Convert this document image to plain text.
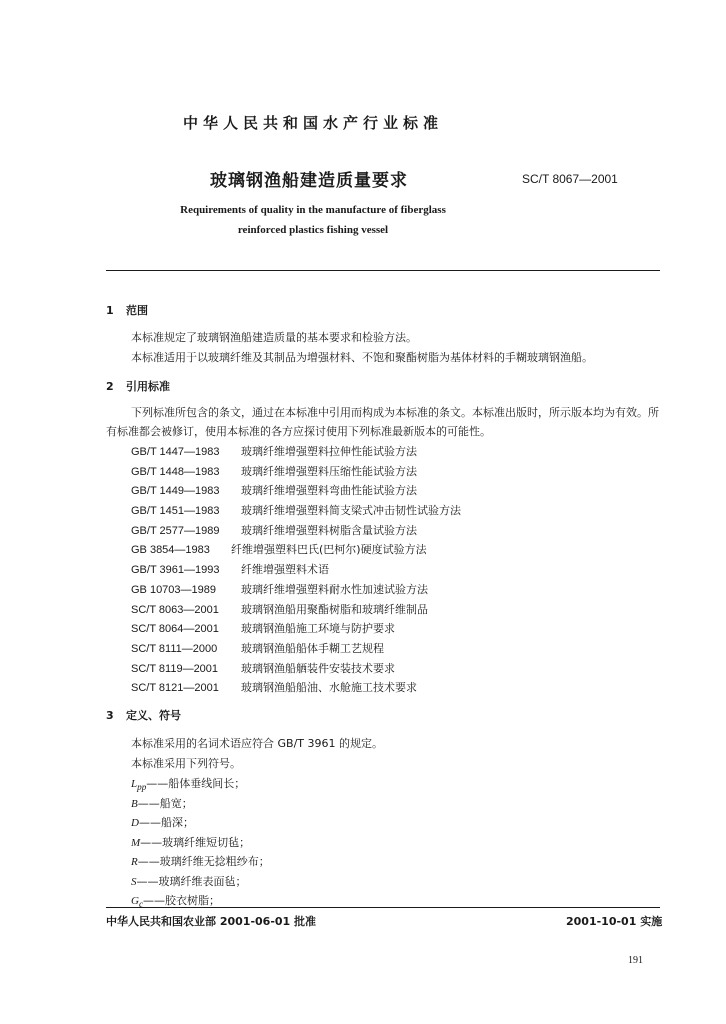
中华人民共和国水产行业标准
玻璃钢渔船建造质量要求	SC/T 8067—2001
Requirements of quality in the manufacture of fiberglass
reinforced plastics fishing vessel
1 范围
本标准规定了玻璃钢渔船建造质量的基本要求和检验方法。
本标准适用于以玻璃纤维及其制品为增强材料、不饱和聚酯树脂为基体材料的手糊玻璃钢渔船。
2 引用标准
下列标准所包含的条文，通过在本标准中引用而构成为本标准的条文。本标准出版时，所示版本均为有效。所有标准都会被修订，使用本标准的各方应探讨使用下列标准最新版本的可能性。
GB/T 1447—1983 玻璃纤维增强塑料拉伸性能试验方法
GB/T 1448—1983 玻璃纤维增强塑料压缩性能试验方法
GB/T 1449—1983 玻璃纤维增强塑料弯曲性能试验方法
GB/T 1451—1983 玻璃纤维增强塑料简支梁式冲击韧性试验方法
GB/T 2577—1989 玻璃纤维增强塑料树脂含量试验方法
GB 3854—1983 纤维增强塑料巴氏(巴柯尔)硬度试验方法
GB/T 3961—1993 纤维增强塑料术语
GB 10703—1989 玻璃纤维增强塑料耐水性加速试验方法
SC/T 8063—2001 玻璃钢渔船用聚酯树脂和玻璃纤维制品
SC/T 8064—2001 玻璃钢渔船施工环境与防护要求
SC/T 8111—2000 玻璃钢渔船船体手糊工艺规程
SC/T 8119—2001 玻璃钢渔船舾装件安装技术要求
SC/T 8121—2001 玻璃钢渔船船油、水舱施工技术要求
3 定义、符号
本标准采用的名词术语应符合 GB/T 3961 的规定。
本标准采用下列符号。
$L_{pp}——$船体垂线间长；
B——船宽；
D——船深；
M——玻璃纤维短切毡；
R——玻璃纤维无捻粗纱布；
S——玻璃纤维表面毡；
$G_c——$胶衣树脂；
中华人民共和国农业部 2001-06-01 批准	2001-10-01 实施
191
